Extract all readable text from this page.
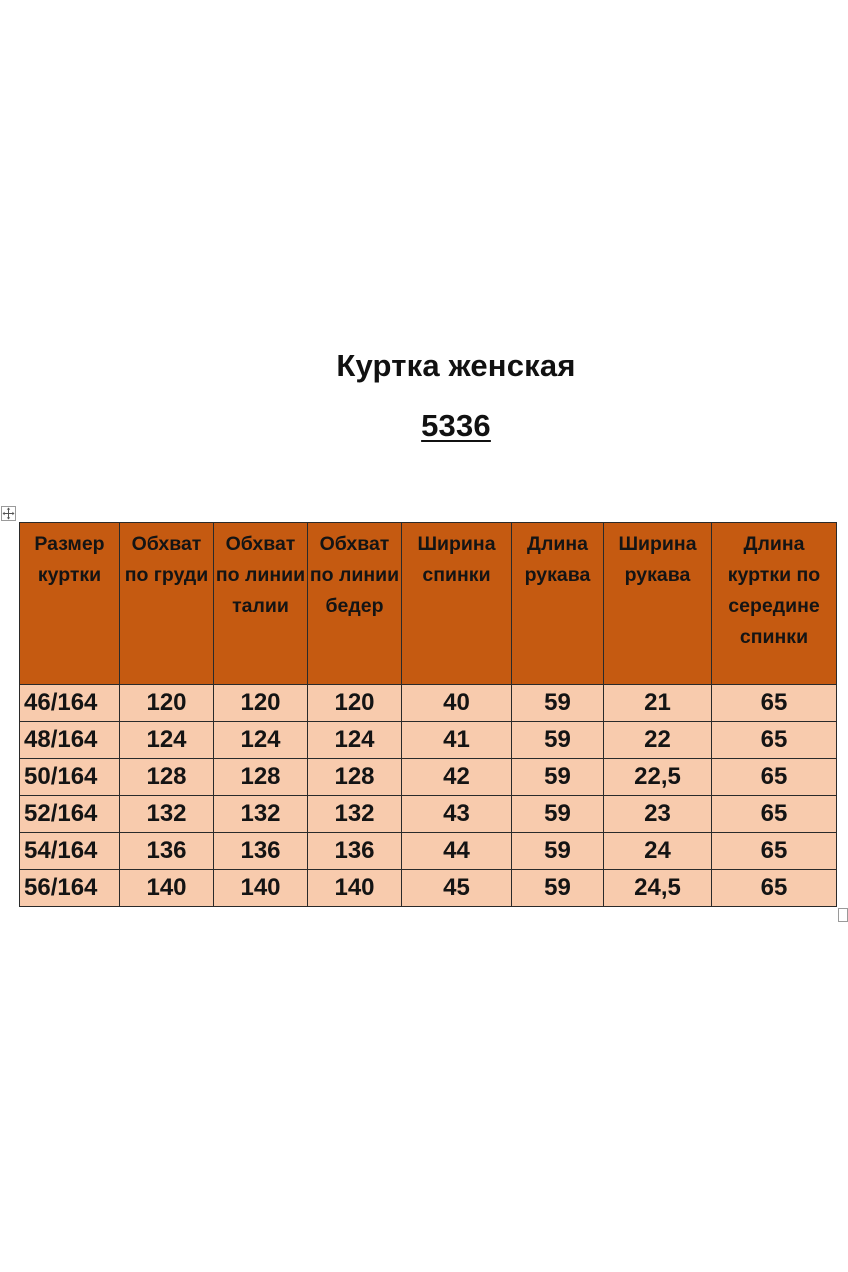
Куртка женская
5336
Размер куртки	Обхват по груди	Обхват по линии талии	Обхват по линии бедер	Ширина спинки	Длина рукава	Ширина рукава	Длина куртки по середине спинки
46/164	120	120	120	40	59	21	65
48/164	124	124	124	41	59	22	65
50/164	128	128	128	42	59	22,5	65
52/164	132	132	132	43	59	23	65
54/164	136	136	136	44	59	24	65
56/164	140	140	140	45	59	24,5	65
